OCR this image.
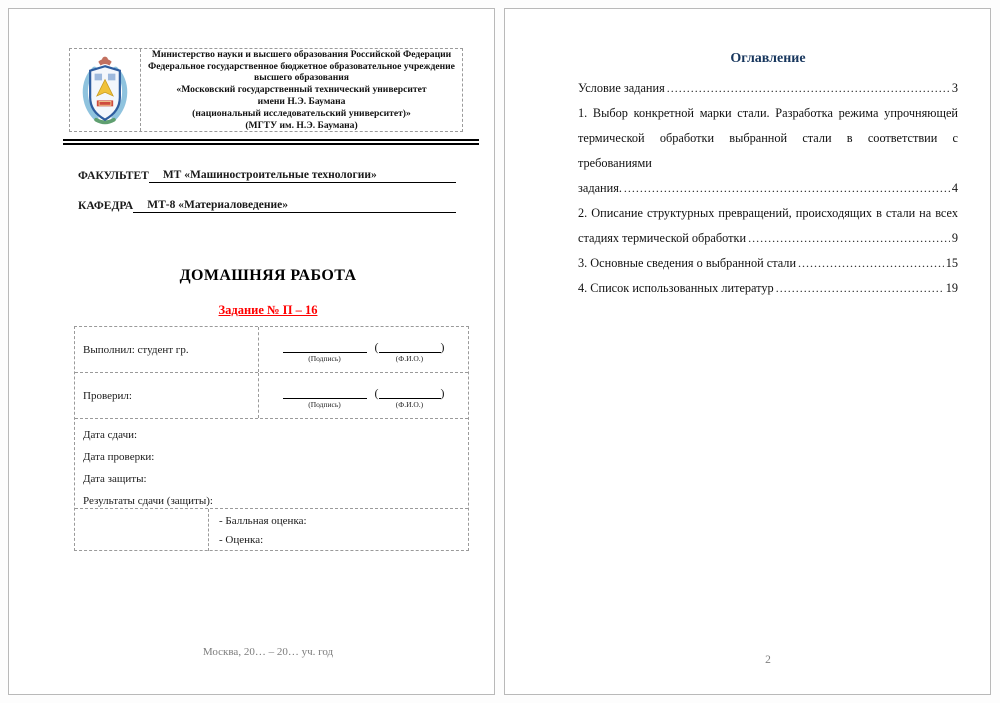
Министерство науки и высшего образования Российской Федерации
Федеральное государственное бюджетное образовательное учреждение
высшего образования
«Московский государственный технический университет
имени Н.Э. Баумана
(национальный исследовательский университет)»
(МГТУ им. Н.Э. Баумана)
ФАКУЛЬТЕТ	МТ «Машиностроительные технологии»
КАФЕДРА	МТ-8 «Материаловедение»
ДОМАШНЯЯ РАБОТА
Задание № П – 16
Выполнил: студент гр.
(Подпись)
(	)
(Ф.И.О.)
Проверил:
(Подпись)
(	)
(Ф.И.О.)
Дата сдачи:
Дата проверки:
Дата защиты:
Результаты сдачи (защиты):
- Балльная оценка:
- Оценка:
Москва, 20… – 20… уч. год
Оглавление
Условие задания .....	3
1. Выбор конкретной марки стали. Разработка режима упрочняющей
термической обработки выбранной стали в соответствии с требованиями
задания. .....	4
2. Описание структурных превращений, происходящих в стали на всех
стадиях термической обработки .....	9
3. Основные сведения о выбранной стали .....	15
4. Список использованных литератур .....	19
2
